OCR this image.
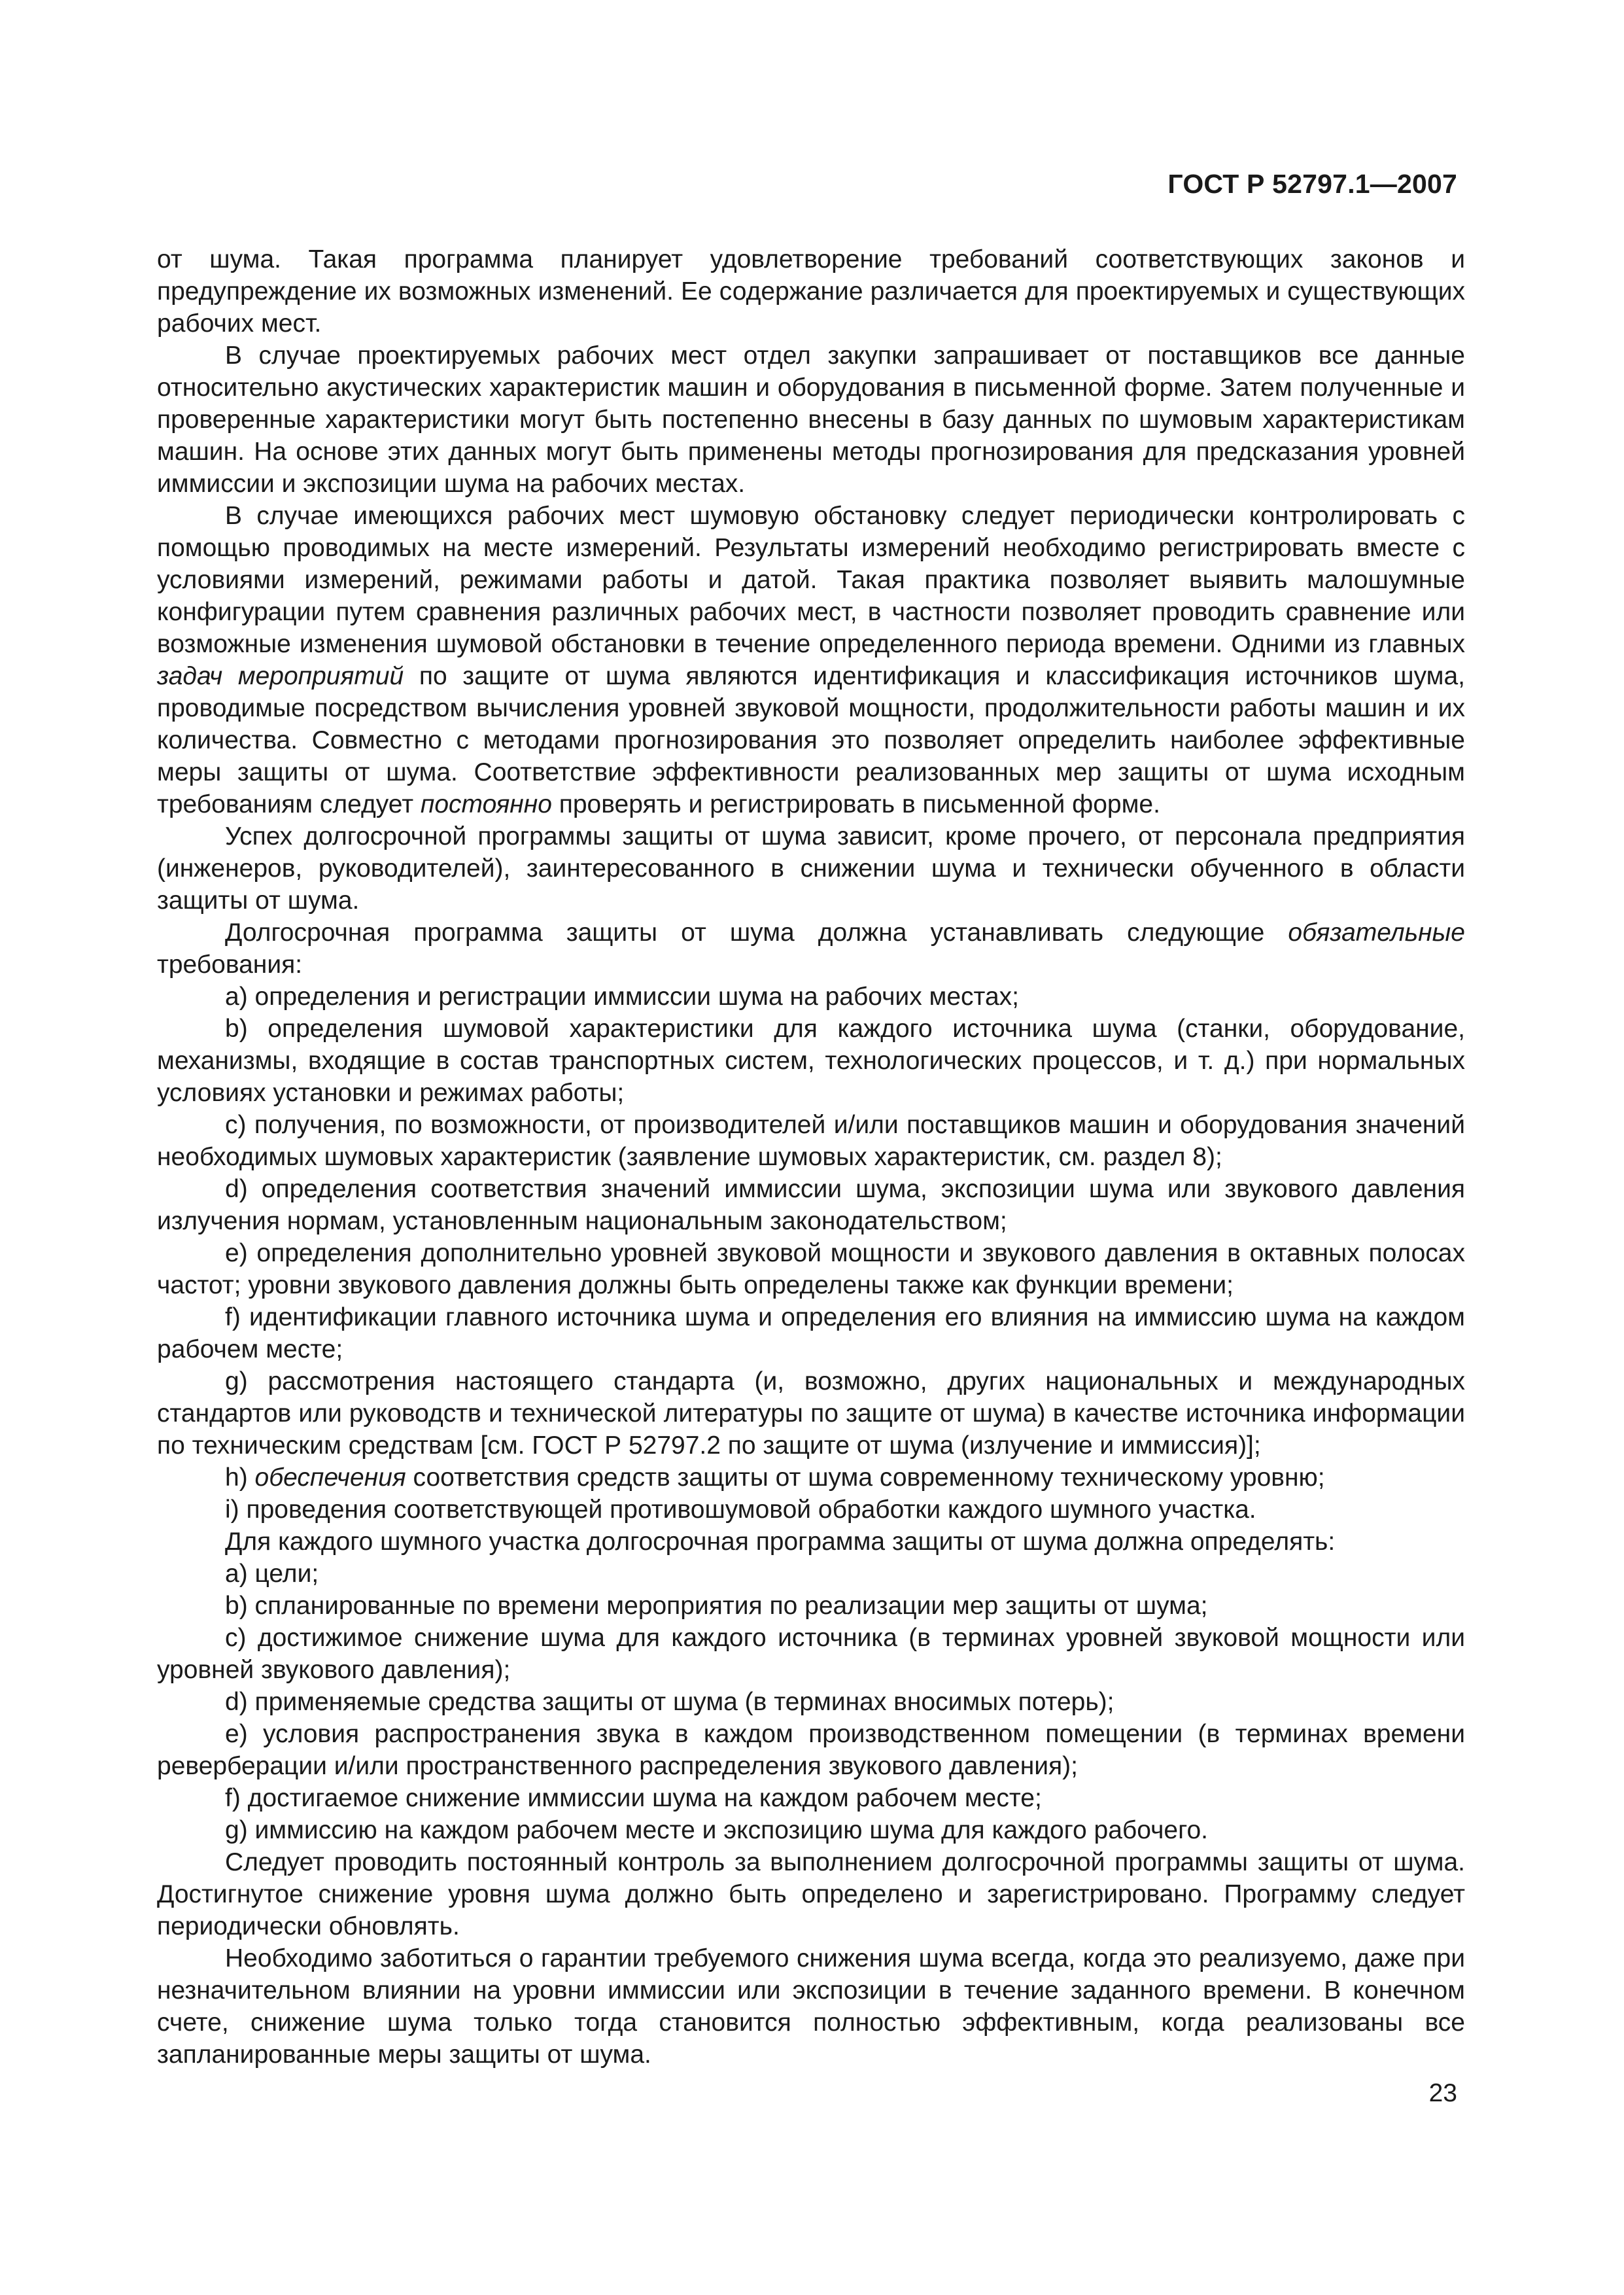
ГОСТ Р 52797.1—2007

от шума. Такая программа планирует удовлетворение требований соответствующих законов и предупреждение их возможных изменений. Ее содержание различается для проектируемых и существующих рабочих мест.

В случае проектируемых рабочих мест отдел закупки запрашивает от поставщиков все данные относительно акустических характеристик машин и оборудования в письменной форме. Затем полученные и проверенные характеристики могут быть постепенно внесены в базу данных по шумовым характеристикам машин. На основе этих данных могут быть применены методы прогнозирования для предсказания уровней иммиссии и экспозиции шума на рабочих местах.

В случае имеющихся рабочих мест шумовую обстановку следует периодически контролировать с помощью проводимых на месте измерений. Результаты измерений необходимо регистрировать вместе с условиями измерений, режимами работы и датой. Такая практика позволяет выявить малошумные конфигурации путем сравнения различных рабочих мест, в частности позволяет проводить сравнение или возможные изменения шумовой обстановки в течение определенного периода времени. Одними из главных задач мероприятий по защите от шума являются идентификация и классификация источников шума, проводимые посредством вычисления уровней звуковой мощности, продолжительности работы машин и их количества. Совместно с методами прогнозирования это позволяет определить наиболее эффективные меры защиты от шума. Соответствие эффективности реализованных мер защиты от шума исходным требованиям следует постоянно проверять и регистрировать в письменной форме.

Успех долгосрочной программы защиты от шума зависит, кроме прочего, от персонала предприятия (инженеров, руководителей), заинтересованного в снижении шума и технически обученного в области защиты от шума.

Долгосрочная программа защиты от шума должна устанавливать следующие обязательные требования:

a) определения и регистрации иммиссии шума на рабочих местах;

b) определения шумовой характеристики для каждого источника шума (станки, оборудование, механизмы, входящие в состав транспортных систем, технологических процессов, и т. д.) при нормальных условиях установки и режимах работы;

c) получения, по возможности, от производителей и/или поставщиков машин и оборудования значений необходимых шумовых характеристик (заявление шумовых характеристик, см. раздел 8);

d) определения соответствия значений иммиссии шума, экспозиции шума или звукового давления излучения нормам, установленным национальным законодательством;

e) определения дополнительно уровней звуковой мощности и звукового давления в октавных полосах частот; уровни звукового давления должны быть определены также как функции времени;

f) идентификации главного источника шума и определения его влияния на иммиссию шума на каждом рабочем месте;

g) рассмотрения настоящего стандарта (и, возможно, других национальных и международных стандартов или руководств и технической литературы по защите от шума) в качестве источника информации по техническим средствам [см. ГОСТ Р 52797.2 по защите от шума (излучение и иммиссия)];

h) обеспечения соответствия средств защиты от шума современному техническому уровню;

i) проведения соответствующей противошумовой обработки каждого шумного участка.

Для каждого шумного участка долгосрочная программа защиты от шума должна определять:

a) цели;

b) спланированные по времени мероприятия по реализации мер защиты от шума;

c) достижимое снижение шума для каждого источника (в терминах уровней звуковой мощности или уровней звукового давления);

d) применяемые средства защиты от шума (в терминах вносимых потерь);

e) условия распространения звука в каждом производственном помещении (в терминах времени реверберации и/или пространственного распределения звукового давления);

f) достигаемое снижение иммиссии шума на каждом рабочем месте;

g) иммиссию на каждом рабочем месте и экспозицию шума для каждого рабочего.

Следует проводить постоянный контроль за выполнением долгосрочной программы защиты от шума. Достигнутое снижение уровня шума должно быть определено и зарегистрировано. Программу следует периодически обновлять.

Необходимо заботиться о гарантии требуемого снижения шума всегда, когда это реализуемо, даже при незначительном влиянии на уровни иммиссии или экспозиции в течение заданного времени. В конечном счете, снижение шума только тогда становится полностью эффективным, когда реализованы все запланированные меры защиты от шума.

23
